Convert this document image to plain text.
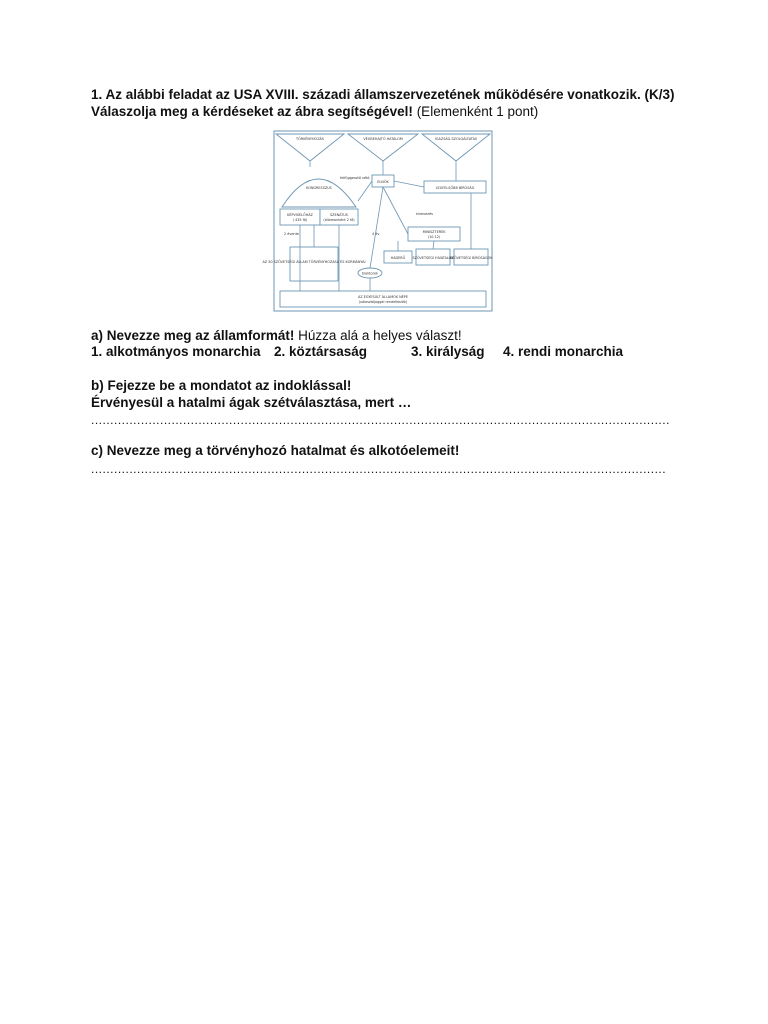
1. Az alábbi feladat az USA XVIII. századi államszervezetének működésére vonatkozik. (K/3)
Válaszolja meg a kérdéseket az ábra segítségével! (Elemenként 1 pont)
TÖRVÉNYHOZÁS	VÉGREHAJTÓ HATALOM	IGAZSÁG-SZOLGÁLTATÁS
KONGRESSZUS
KÉPVISELŐHÁZ
( 435 fő)
SZENÁTUS
(államonként 2 fő)
ELNÖK
felfüggesztő vétó
LEGFELSŐBB BÍRÓSÁG
MINISZTEREK
(10-12)
kinevezés
HADERŐ SZÖVETSÉGI HIVATALOK
SZÖVETSÉGI BÍRÓSÁGOK
AZ 50 SZÖVETSÉGI ÁLLAM TÖRVÉNYHOZÁSA ÉS KORMÁNYAI
Elektorok
AZ EGYESÜLT ÁLLAMOK NÉPE
(választójoggal rendelkezők)
2 évente	4 év
a) Nevezze meg az államformát! Húzza alá a helyes választ!
1. alkotmányos monarchia 2. köztársaság	3. királyság 4. rendi monarchia
b) Fejezze be a mondatot az indoklással!
Érvényesül a hatalmi ágak szétválasztása, mert …
.......................................................................................................................................................
c) Nevezze meg a törvényhozó hatalmat és alkotóelemeit!
......................................................................................................................................................
